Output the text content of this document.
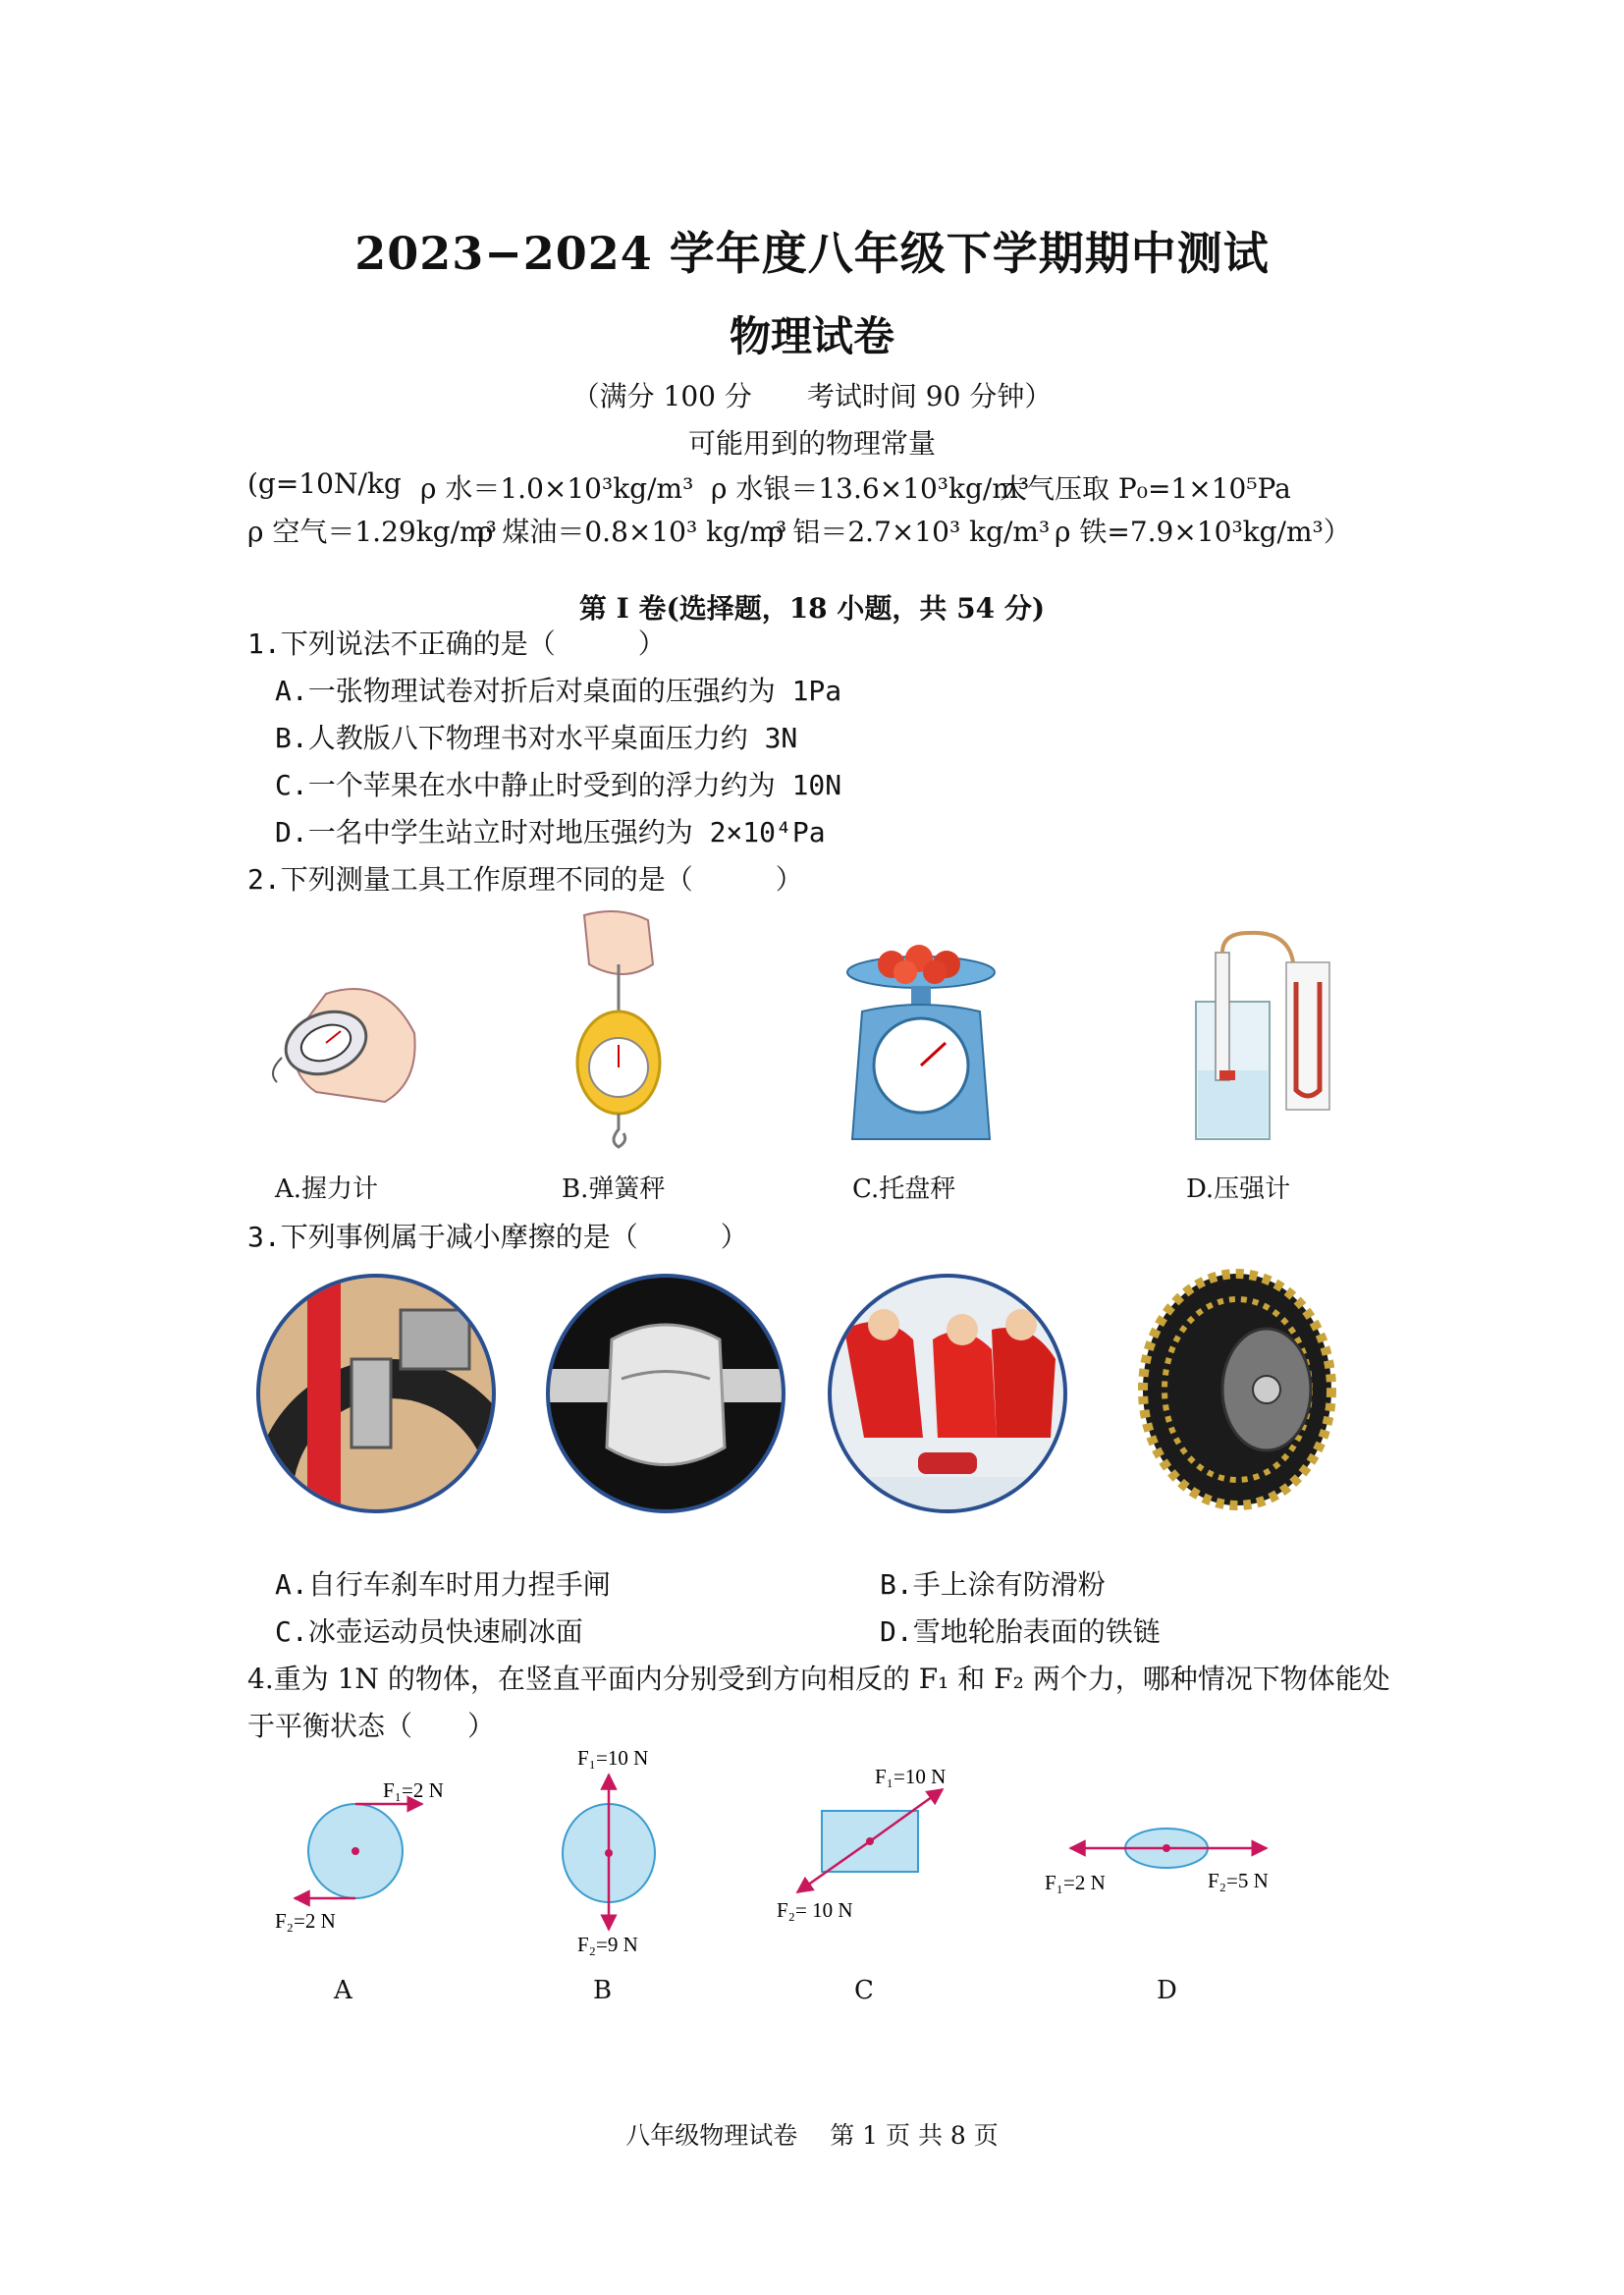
2023−2024 学年度八年级下学期期中测试
物理试卷
（满分 100 分　　考试时间 90 分钟）
可能用到的物理常量
(g=10N/kg ρ 水＝1.0×10³kg/m³ ρ 水银＝13.6×10³kg/m³
大气压取 P₀=1×10⁵Pa
ρ 空气＝1.29kg/m³
ρ 煤油＝0.8×10³ kg/m³
ρ 铝＝2.7×10³ kg/m³ ρ 铁=7.9×10³kg/m³）
第 Ⅰ 卷(选择题，18 小题，共 54 分)
1.下列说法不正确的是（　　　）
A.一张物理试卷对折后对桌面的压强约为 1Pa
B.人教版八下物理书对水平桌面压力约 3N
C.一个苹果在水中静止时受到的浮力约为 10N
D.一名中学生站立时对地压强约为 2×10⁴Pa
2.下列测量工具工作原理不同的是（　　　）
A.握力计	B.弹簧秤	C.托盘秤	D.压强计
3.下列事例属于减小摩擦的是（　　　）
A.自行车刹车时用力捏手闸	B.手上涂有防滑粉
C.冰壶运动员快速刷冰面	D.雪地轮胎表面的铁链
4.重为 1N 的物体，在竖直平面内分别受到方向相反的 F₁ 和 F₂ 两个力，哪种情况下物体能处
于平衡状态（　　）
F₁=2 N
F₂=2 N
A
F₁=10 N
F₂=9 N
B
F₁=10 N
F₂= 10 N
C
F₁=2 N	F₂=5 N
D
八年级物理试卷　 第 1 页 共 8 页
